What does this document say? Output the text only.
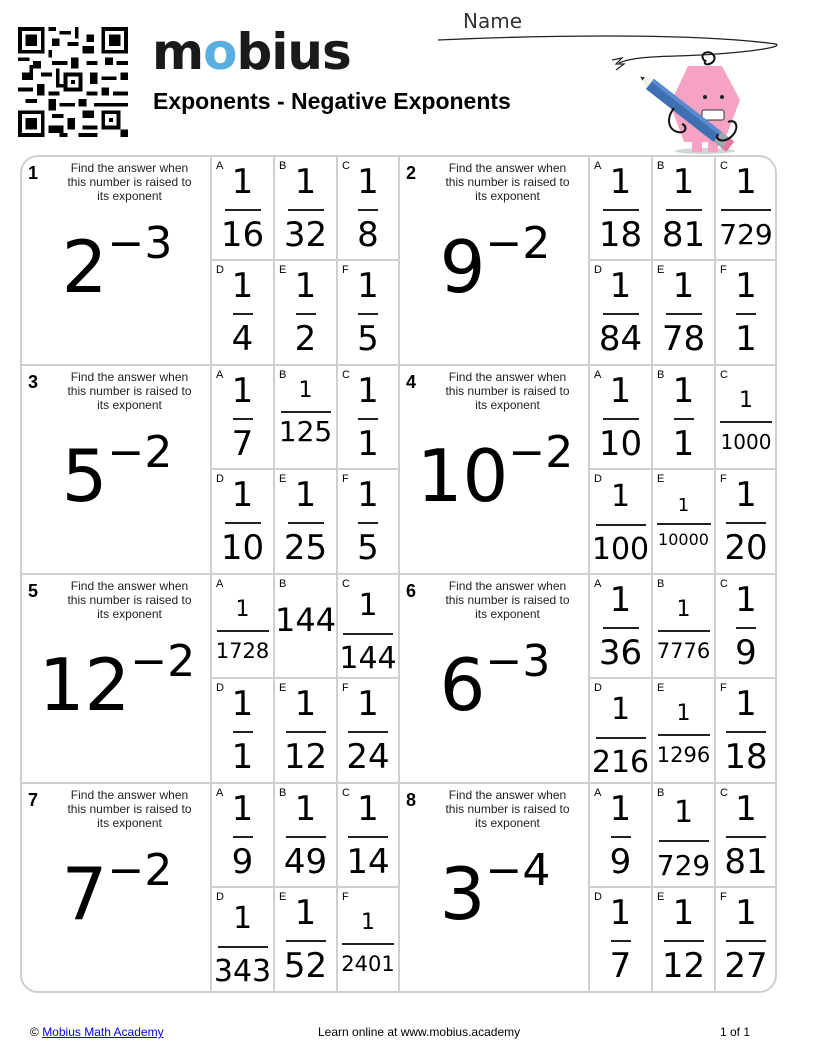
mobius
Exponents - Negative Exponents
Name
1	Find the answer when this number is raised to its exponent
$2^{-3}$
A 1
16
B 1
32
C 1
8
D 1
4
E 1
2
F 1
5
2	Find the answer when this number is raised to its exponent
$9^{-2}$
A 1
18
B 1
81
C 1
729
D 1
84
E 1
78
F 1
1
3	Find the answer when this number is raised to its exponent
$5^{-2}$
A 1
7
B
1
125
C 1
1
D 1
10
E 1
25
F 1
5
4	Find the answer when this number is raised to its exponent
$10^{-2}$
A 1
10
B 1
1
C
1
1000
D 1
100
E
1
10000
F 1
20
5	Find the answer when this number is raised to its exponent
$12^{-2}$
A
1
1728
B
144
C
1
144
D 1
1
E 1
12
F 1
24
6	Find the answer when this number is raised to its exponent
$6^{-3}$
A 1
36
B
1
7776
C 1
9
D
1
216
E
1
1296
F 1
18
7	Find the answer when this number is raised to its exponent
$7^{-2}$
A 1
9
B 1
49
C 1
14
D
1
343
E 1
52
F
1
2401
8	Find the answer when this number is raised to its exponent
$3^{-4}$
A 1
9
B
1
729
C 1
81
D 1
7
E 1
12
F 1
27
© Mobius Math Academy	Learn online at www.mobius.academy	1 of 1
